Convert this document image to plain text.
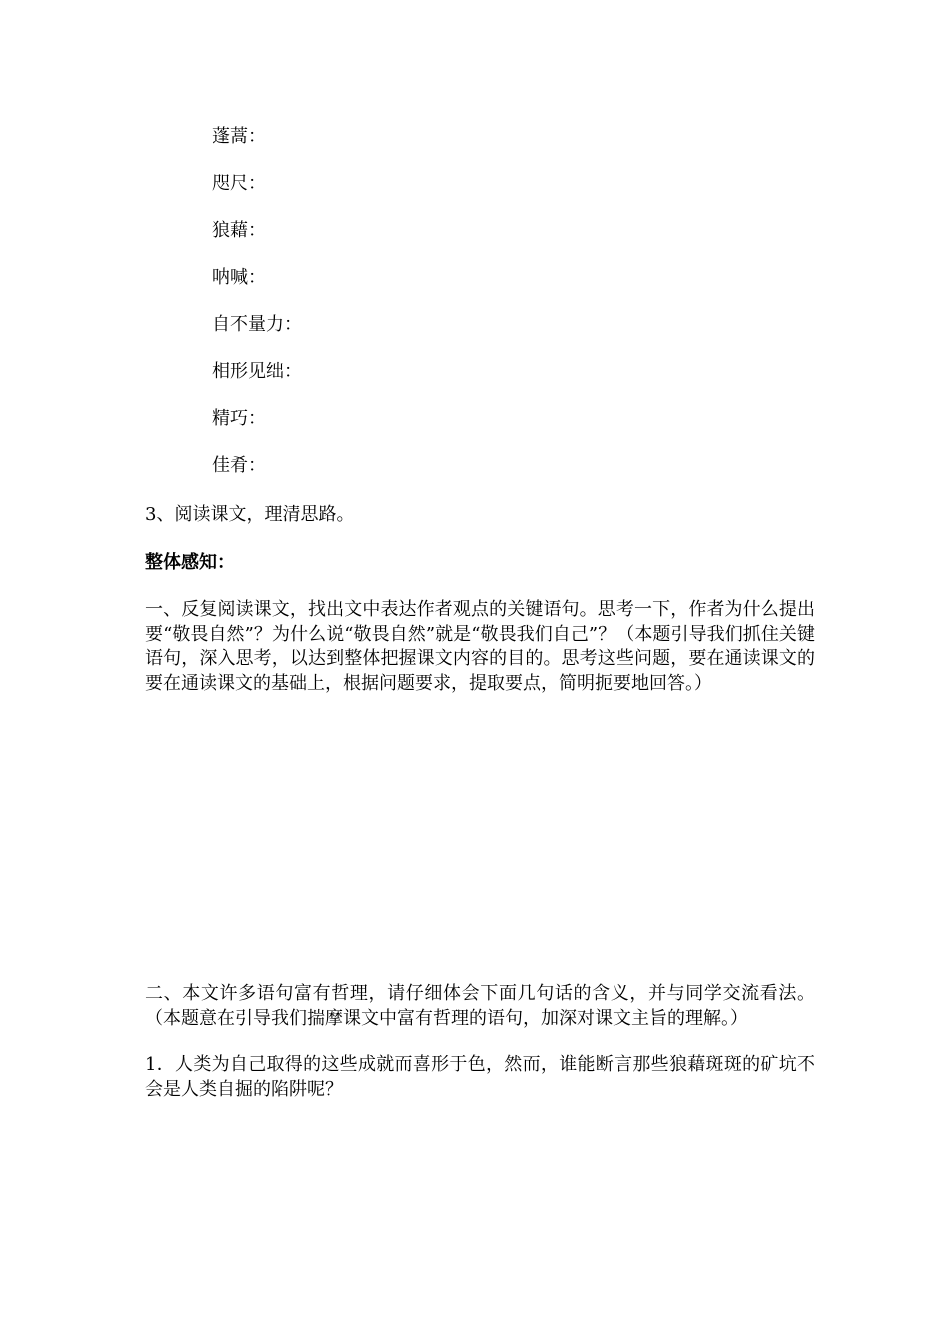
蓬蒿：
咫尺：
狼藉：
呐喊：
自不量力：
相形见绌：
精巧：
佳肴：
3、阅读课文，理清思路。
整体感知：
一、反复阅读课文，找出文中表达作者观点的关键语句。思考一下，作者为什么提出要“敬畏自然”？为什么说“敬畏自然”就是“敬畏我们自己”？（本题引导我们抓住关键语句，深入思考，以达到整体把握课文内容的目的。思考这些问题，要在通读课文的要在通读课文的基础上，根据问题要求，提取要点，简明扼要地回答。）
二、本文许多语句富有哲理，请仔细体会下面几句话的含义，并与同学交流看法。（本题意在引导我们揣摩课文中富有哲理的语句，加深对课文主旨的理解。）
1．人类为自己取得的这些成就而喜形于色，然而，谁能断言那些狼藉斑斑的矿坑不会是人类自掘的陷阱呢？
